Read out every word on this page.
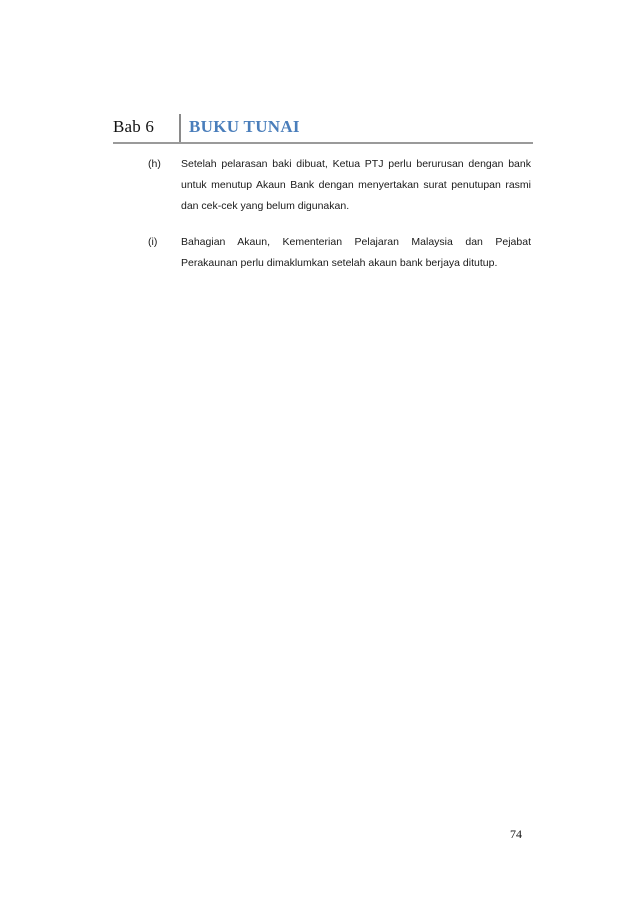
Bab 6 BUKU TUNAI
(h) Setelah pelarasan baki dibuat, Ketua PTJ perlu berurusan dengan bank untuk menutup Akaun Bank dengan menyertakan surat penutupan rasmi dan cek-cek yang belum digunakan.
(i) Bahagian Akaun, Kementerian Pelajaran Malaysia dan Pejabat Perakaunan perlu dimaklumkan setelah akaun bank berjaya ditutup.
74
